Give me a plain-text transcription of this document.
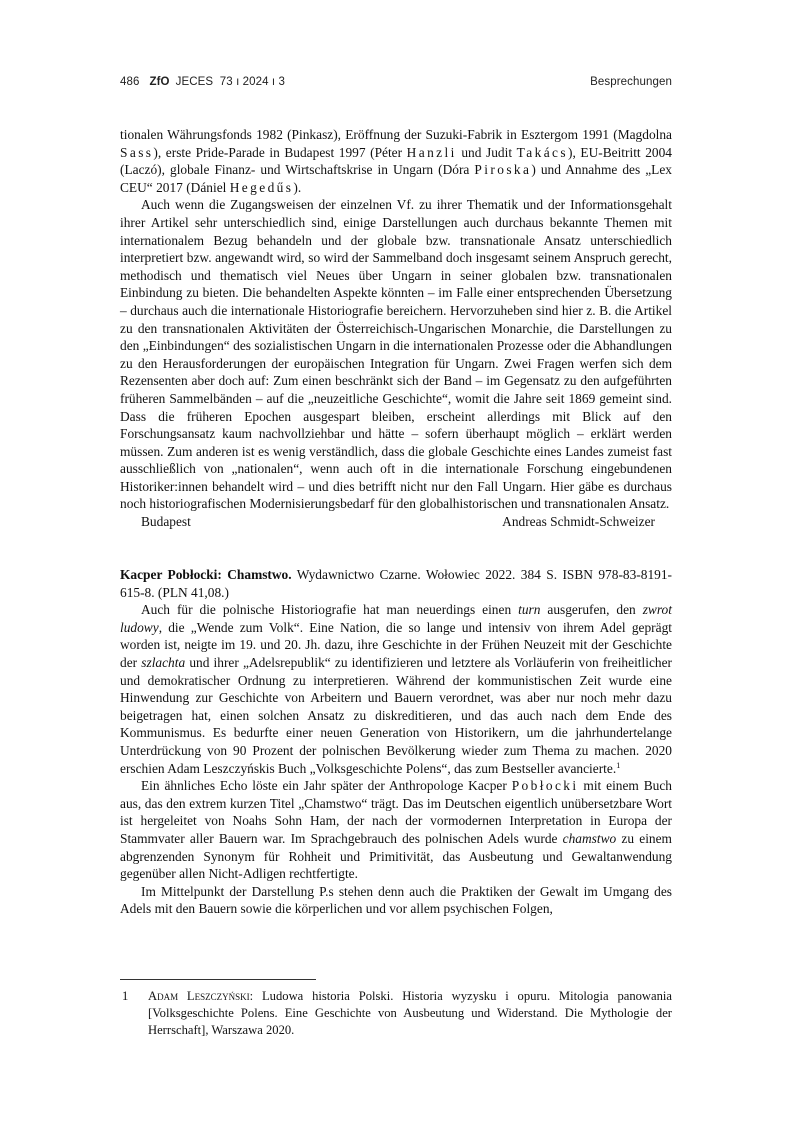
486 ZfO JECES 73 ı 2024 ı 3	Besprechungen

tionalen Währungsfonds 1982 (Pinkasz), Eröffnung der Suzuki-Fabrik in Esztergom 1991 (Magdolna Sass), erste Pride-Parade in Budapest 1997 (Péter Hanzli und Judit Takács), EU-Beitritt 2004 (Laczó), globale Finanz- und Wirtschaftskrise in Ungarn (Dóra Piroska) und Annahme des „Lex CEU“ 2017 (Dániel Hegedűs).

Auch wenn die Zugangsweisen der einzelnen Vf. zu ihrer Thematik und der Informationsgehalt ihrer Artikel sehr unterschiedlich sind, einige Darstellungen auch durchaus bekannte Themen mit internationalem Bezug behandeln und der globale bzw. transnationale Ansatz unterschiedlich interpretiert bzw. angewandt wird, so wird der Sammelband doch insgesamt seinem Anspruch gerecht, methodisch und thematisch viel Neues über Ungarn in seiner globalen bzw. transnationalen Einbindung zu bieten. Die behandelten Aspekte könnten – im Falle einer entsprechenden Übersetzung – durchaus auch die internationale Historiografie bereichern. Hervorzuheben sind hier z. B. die Artikel zu den transnationalen Aktivitäten der Österreichisch-Ungarischen Monarchie, die Darstellungen zu den „Einbindungen“ des sozialistischen Ungarn in die internationalen Prozesse oder die Abhandlungen zu den Herausforderungen der europäischen Integration für Ungarn. Zwei Fragen werfen sich dem Rezensenten aber doch auf: Zum einen beschränkt sich der Band – im Gegensatz zu den aufgeführten früheren Sammelbänden – auf die „neuzeitliche Geschichte“, womit die Jahre seit 1869 gemeint sind. Dass die früheren Epochen ausgespart bleiben, erscheint allerdings mit Blick auf den Forschungsansatz kaum nachvollziehbar und hätte – sofern überhaupt möglich – erklärt werden müssen. Zum anderen ist es wenig verständlich, dass die globale Geschichte eines Landes zumeist fast ausschließlich von „nationalen“, wenn auch oft in die internationale Forschung eingebundenen Historiker:innen behandelt wird – und dies betrifft nicht nur den Fall Ungarn. Hier gäbe es durchaus noch historiografischen Modernisierungsbedarf für den globalhistorischen und transnationalen Ansatz.

Budapest	Andreas Schmidt-Schweizer

Kacper Pobłocki: Chamstwo. Wydawnictwo Czarne. Wołowiec 2022. 384 S. ISBN 978-83-8191-615-8. (PLN 41,08.)

Auch für die polnische Historiografie hat man neuerdings einen turn ausgerufen, den zwrot ludowy, die „Wende zum Volk“. Eine Nation, die so lange und intensiv von ihrem Adel geprägt worden ist, neigte im 19. und 20. Jh. dazu, ihre Geschichte in der Frühen Neuzeit mit der Geschichte der szlachta und ihrer „Adelsrepublik“ zu identifizieren und letztere als Vorläuferin von freiheitlicher und demokratischer Ordnung zu interpretieren. Während der kommunistischen Zeit wurde eine Hinwendung zur Geschichte von Arbeitern und Bauern verordnet, was aber nur noch mehr dazu beigetragen hat, einen solchen Ansatz zu diskreditieren, und das auch nach dem Ende des Kommunismus. Es bedurfte einer neuen Generation von Historikern, um die jahrhundertelange Unterdrückung von 90 Prozent der polnischen Bevölkerung wieder zum Thema zu machen. 2020 erschien Adam Leszczyńskis Buch „Volksgeschichte Polens“, das zum Bestseller avancierte.$^1$

Ein ähnliches Echo löste ein Jahr später der Anthropologe Kacper Pobłocki mit einem Buch aus, das den extrem kurzen Titel „Chamstwo“ trägt. Das im Deutschen eigentlich unübersetzbare Wort ist hergeleitet von Noahs Sohn Ham, der nach der vormodernen Interpretation in Europa der Stammvater aller Bauern war. Im Sprachgebrauch des polnischen Adels wurde chamstwo zu einem abgrenzenden Synonym für Rohheit und Primitivität, das Ausbeutung und Gewaltanwendung gegenüber allen Nicht-Adligen rechtfertigte.

Im Mittelpunkt der Darstellung P.s stehen denn auch die Praktiken der Gewalt im Umgang des Adels mit den Bauern sowie die körperlichen und vor allem psychischen Folgen,

1 Adam Leszczyński: Ludowa historia Polski. Historia wyzysku i opuru. Mitologia panowania [Volksgeschichte Polens. Eine Geschichte von Ausbeutung und Widerstand. Die Mythologie der Herrschaft], Warszawa 2020.
